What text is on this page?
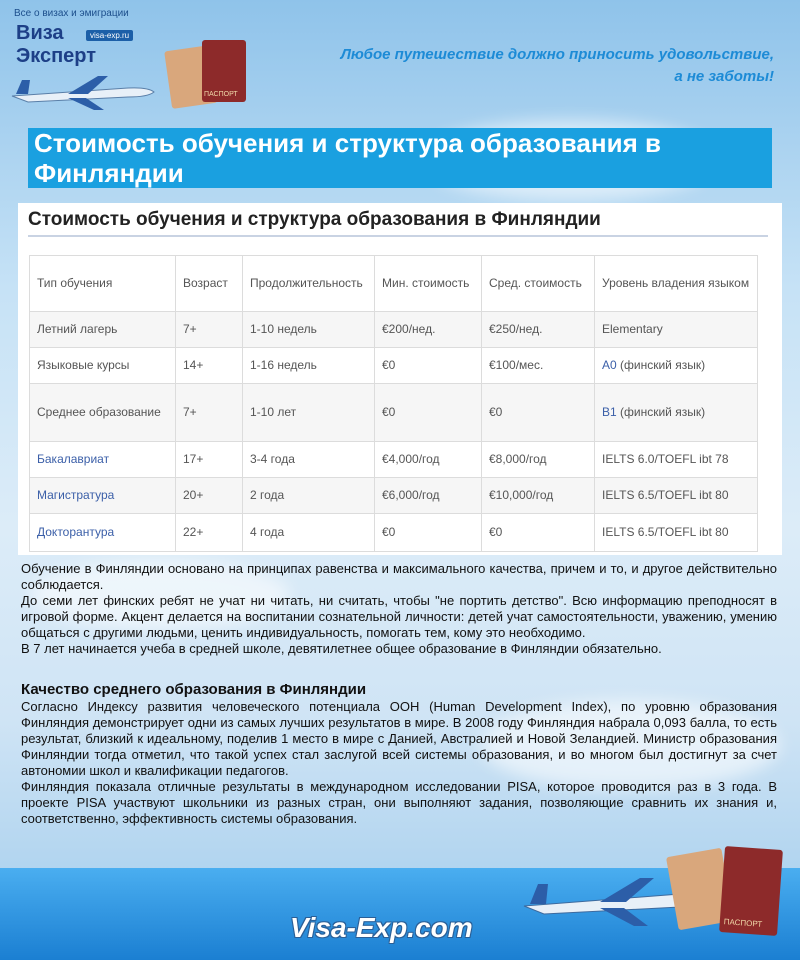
Все о визах и эмиграции
Виза	visa-exp.ru
Эксперт
ПАСПОРТ
Любое путешествие должно приносить удовольствие,
а не заботы!
Стоимость обучения и структура образования в Финляндии
Стоимость обучения и структура образования в Финляндии
Тип обучения	Возраст	Продолжительность	Мин. стоимость	Сред. стоимость	Уровень владения языком
Летний лагерь	7+	1-10 недель	€200/нед.	€250/нед.	Elementary
Языковые курсы	14+	1-16 недель	€0	€100/мес.	A0 (финский язык)
Среднее образование	7+	1-10 лет	€0	€0	B1 (финский язык)
Бакалавриат	17+	3-4 года	€4,000/год	€8,000/год	IELTS 6.0/TOEFL ibt 78
Магистратура	20+	2 года	€6,000/год	€10,000/год	IELTS 6.5/TOEFL ibt 80
Докторантура	22+	4 года	€0	€0	IELTS 6.5/TOEFL ibt 80

Обучение в Финляндии основано на принципах равенства и максимального качества, причем и то, и другое действительно соблюдается.

До семи лет финских ребят не учат ни читать, ни считать, чтобы "не портить детство". Всю информацию преподносят в игровой форме. Акцент делается на воспитании сознательной личности: детей учат самостоятельности, уважению, умению общаться с другими людьми, ценить индивидуальность, помогать тем, кому это необходимо.

В 7 лет начинается учеба в средней школе, девятилетнее общее образование в Финляндии обязательно.

Качество среднего образования в Финляндии

Согласно Индексу развития человеческого потенциала ООН (Human Development Index), по уровню образования Финляндия демонстрирует одни из самых лучших результатов в мире. В 2008 году Финляндия набрала 0,093 балла, то есть результат, близкий к идеальному, поделив 1 место в мире с Данией, Австралией и Новой Зеландией. Министр образования Финляндии тогда отметил, что такой успех стал заслугой всей системы образования, и во многом был достигнут за счет автономии школ и квалификации педагогов.

Финляндия показала отличные результаты в международном исследовании PISA, которое проводится раз в 3 года. В проекте PISA участвуют школьники из разных стран, они выполняют задания, позволяющие сравнить их знания и, соответственно, эффективность системы образования.

ПАСПОРТ
Visa-Exp.com
